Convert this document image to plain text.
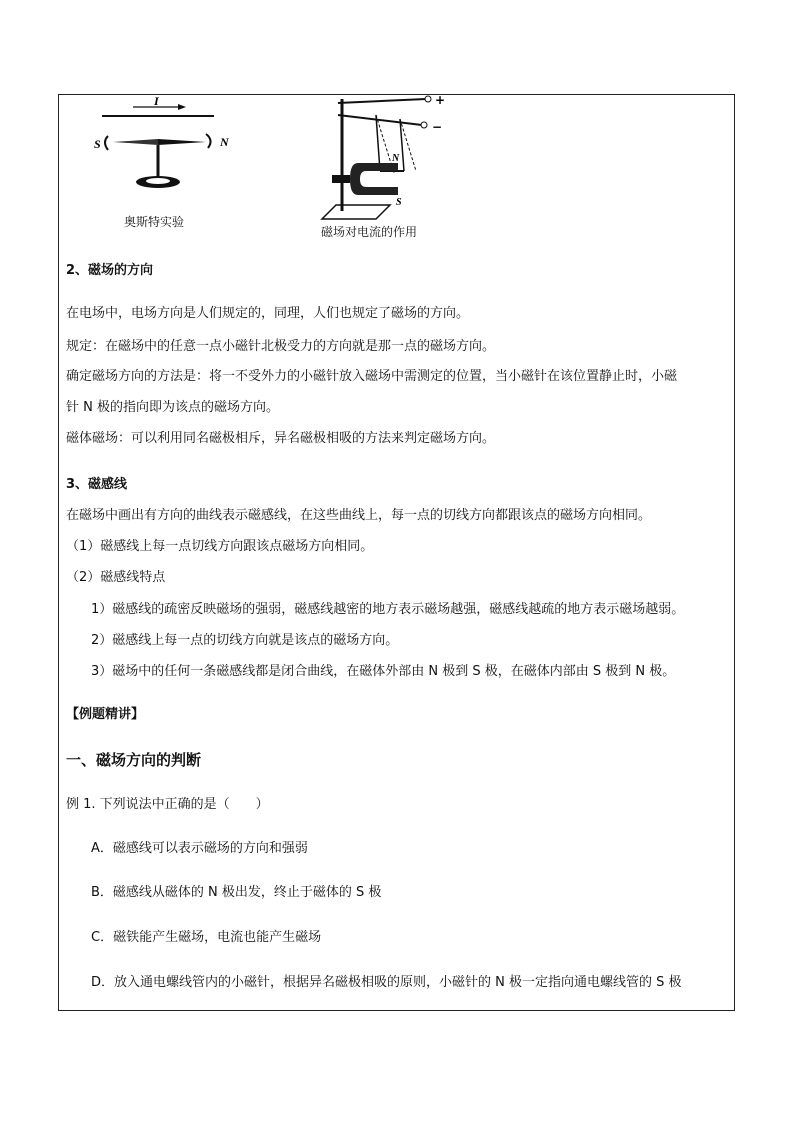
I
S	N
奥斯特实验
+
−
N
S
磁场对电流的作用
2、磁场的方向
在电场中，电场方向是人们规定的，同理，人们也规定了磁场的方向。
规定：在磁场中的任意一点小磁针北极受力的方向就是那一点的磁场方向。
确定磁场方向的方法是：将一不受外力的小磁针放入磁场中需测定的位置，当小磁针在该位置静止时，小磁
针 N 极的指向即为该点的磁场方向。
磁体磁场：可以利用同名磁极相斥，异名磁极相吸的方法来判定磁场方向。
3、磁感线
在磁场中画出有方向的曲线表示磁感线，在这些曲线上，每一点的切线方向都跟该点的磁场方向相同。
（1）磁感线上每一点切线方向跟该点磁场方向相同。
（2）磁感线特点
1）磁感线的疏密反映磁场的强弱，磁感线越密的地方表示磁场越强，磁感线越疏的地方表示磁场越弱。
2）磁感线上每一点的切线方向就是该点的磁场方向。
3）磁场中的任何一条磁感线都是闭合曲线，在磁体外部由 N 极到 S 极，在磁体内部由 S 极到 N 极。
【例题精讲】
一、磁场方向的判断
例 1. 下列说法中正确的是（　　）
A．磁感线可以表示磁场的方向和强弱
B．磁感线从磁体的 N 极出发，终止于磁体的 S 极
C．磁铁能产生磁场，电流也能产生磁场
D．放入通电螺线管内的小磁针，根据异名磁极相吸的原则，小磁针的 N 极一定指向通电螺线管的 S 极
